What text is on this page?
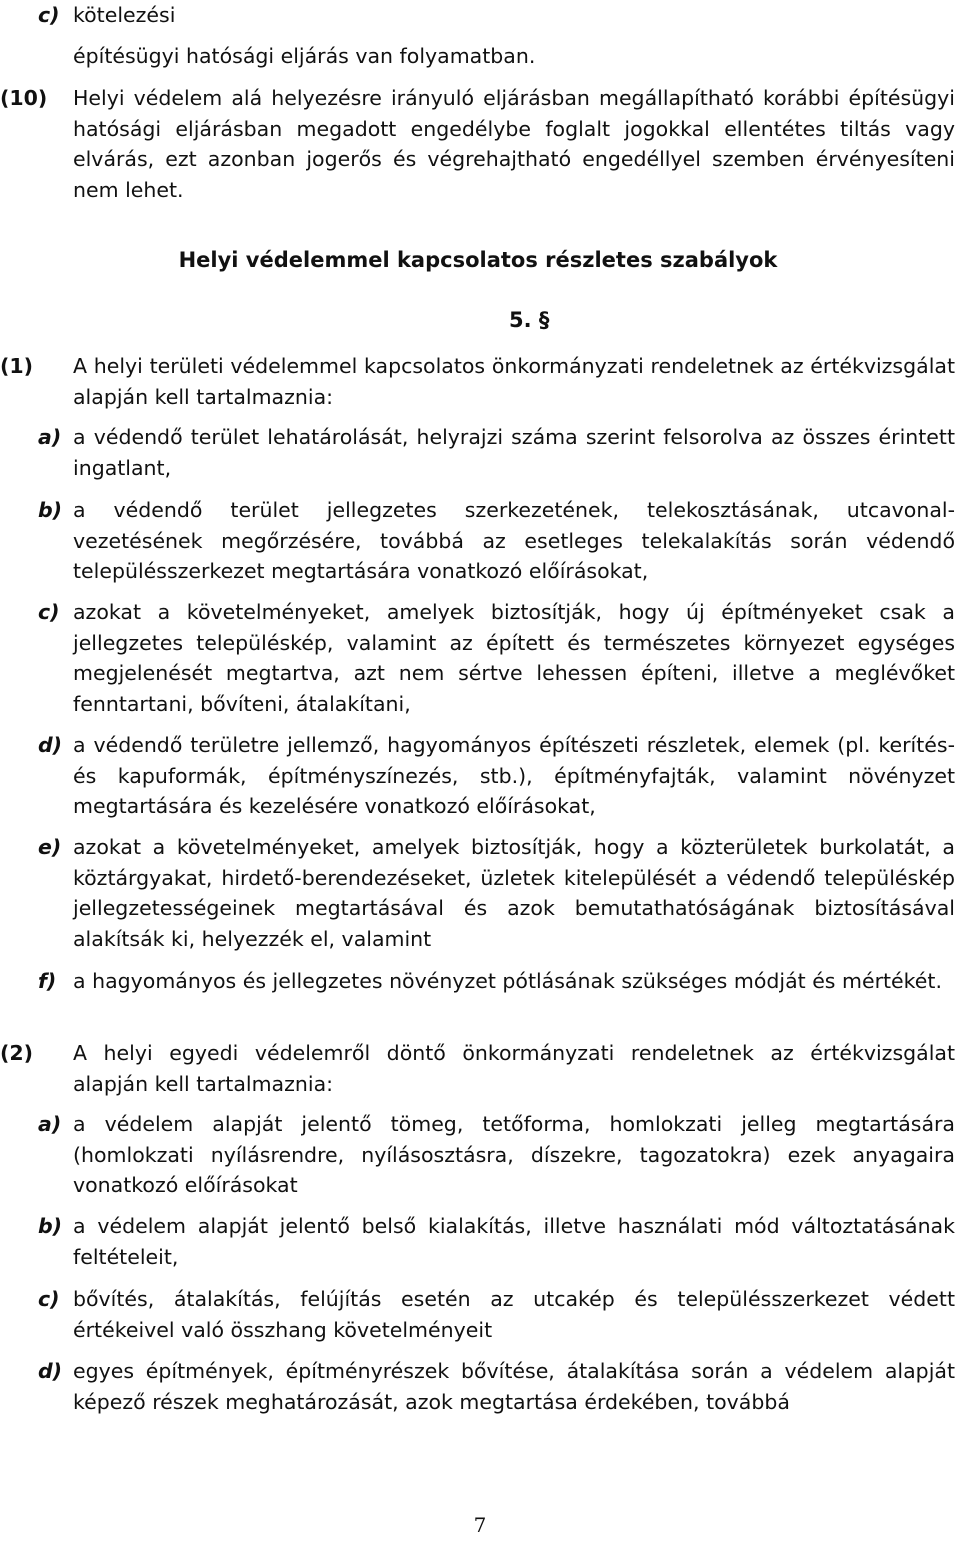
c) kötelezési

építésügyi hatósági eljárás van folyamatban.

(10) Helyi védelem alá helyezésre irányuló eljárásban megállapítható korábbi építésügyi hatósági eljárásban megadott engedélybe foglalt jogokkal ellentétes tiltás vagy elvárás, ezt azonban jogerős és végrehajtható engedéllyel szemben érvényesíteni nem lehet.

Helyi védelemmel kapcsolatos részletes szabályok
5. §
(1) A helyi területi védelemmel kapcsolatos önkormányzati rendeletnek az értékvizsgálat alapján kell tartalmaznia:

a) a védendő terület lehatárolását, helyrajzi száma szerint felsorolva az összes érintett ingatlant,

b) a védendő terület jellegzetes szerkezetének, telekosztásának, utcavonal-vezetésének megőrzésére, továbbá az esetleges telekalakítás során védendő településszerkezet megtartására vonatkozó előírásokat,

c) azokat a követelményeket, amelyek biztosítják, hogy új építményeket csak a jellegzetes településkép, valamint az épített és természetes környezet egységes megjelenését megtartva, azt nem sértve lehessen építeni, illetve a meglévőket fenntartani, bővíteni, átalakítani,

d) a védendő területre jellemző, hagyományos építészeti részletek, elemek (pl. kerítés- és kapuformák, építményszínezés, stb.), építményfajták, valamint növényzet megtartására és kezelésére vonatkozó előírásokat,

e) azokat a követelményeket, amelyek biztosítják, hogy a közterületek burkolatát, a köztárgyakat, hirdető-berendezéseket, üzletek kitelepülését a védendő településkép jellegzetességeinek megtartásával és azok bemutathatóságának biztosításával alakítsák ki, helyezzék el, valamint

f) a hagyományos és jellegzetes növényzet pótlásának szükséges módját és mértékét.

(2) A helyi egyedi védelemről döntő önkormányzati rendeletnek az értékvizsgálat alapján kell tartalmaznia:

a) a védelem alapját jelentő tömeg, tetőforma, homlokzati jelleg megtartására (homlokzati nyílásrendre, nyílásosztásra, díszekre, tagozatokra) ezek anyagaira vonatkozó előírásokat

b) a védelem alapját jelentő belső kialakítás, illetve használati mód változtatásának feltételeit,

c) bővítés, átalakítás, felújítás esetén az utcakép és településszerkezet védett értékeivel való összhang követelményeit

d) egyes építmények, építményrészek bővítése, átalakítása során a védelem alapját képező részek meghatározását, azok megtartása érdekében, továbbá

7
